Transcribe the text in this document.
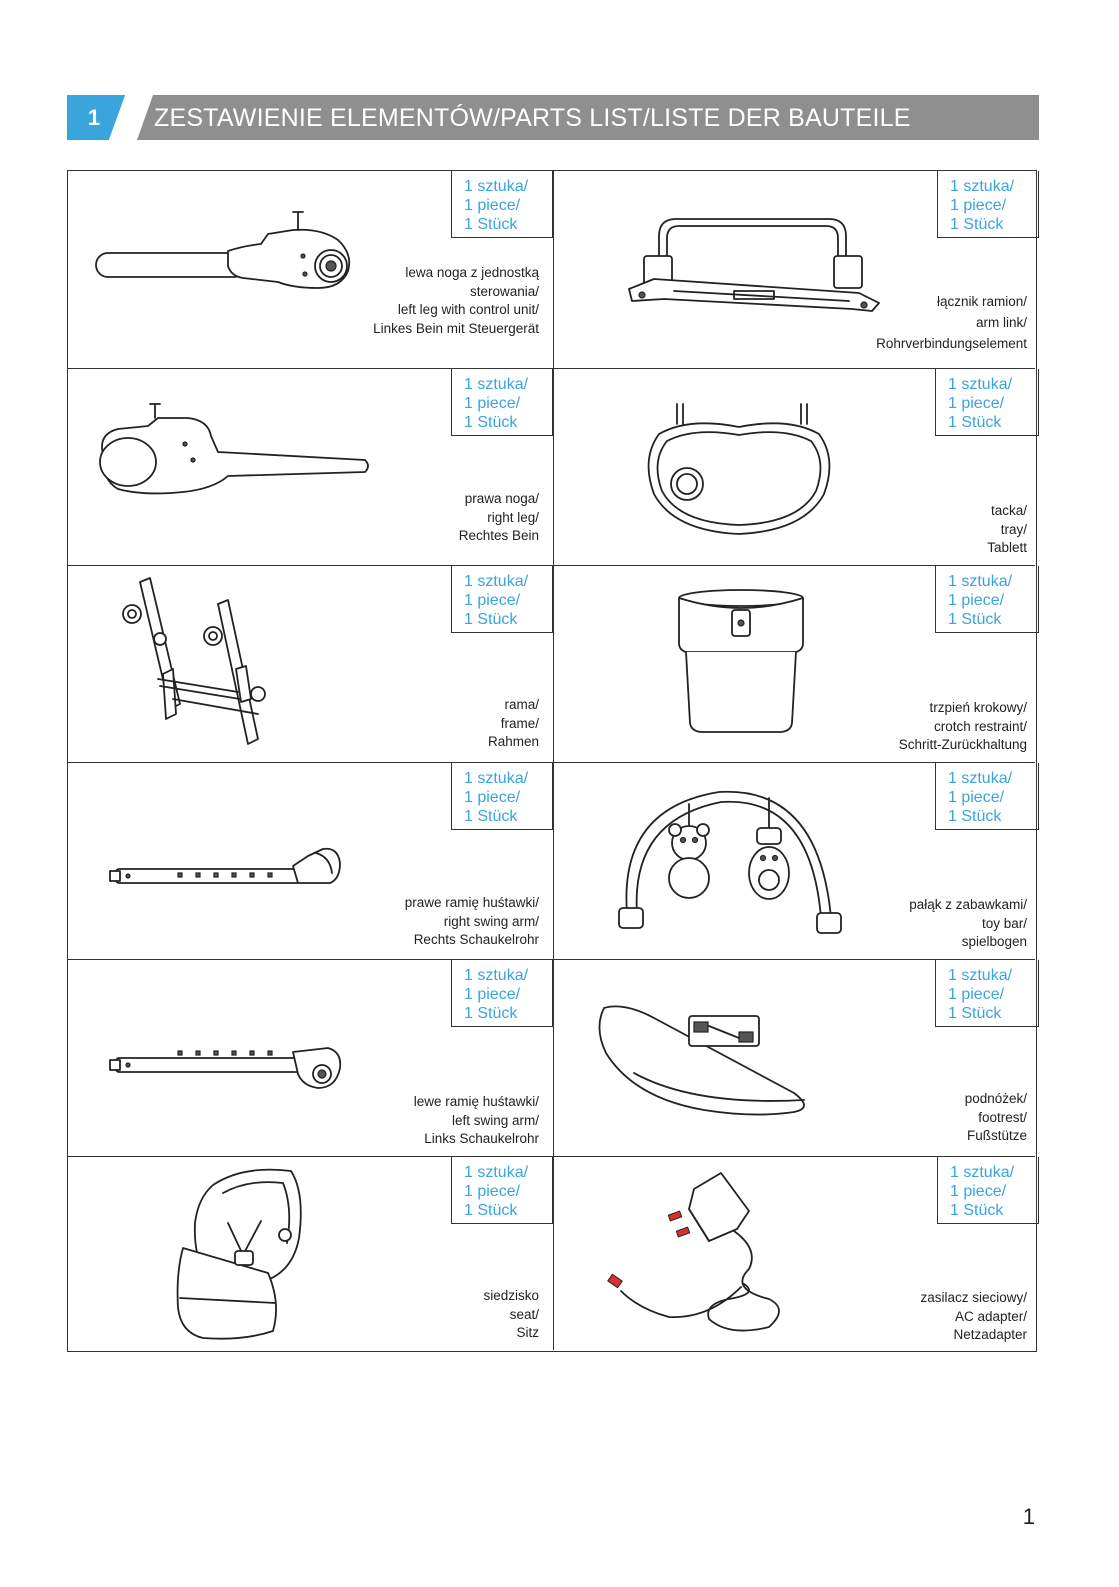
1	ZESTAWIENIE ELEMENTÓW/PARTS LIST/LISTE DER BAUTEILE
1 sztuka/
1 piece/
1 Stück
lewa noga z jednostką
sterowania/
left leg with control unit/
Linkes Bein mit Steuergerät
1 sztuka/
1 piece/
1 Stück
łącznik ramion/
arm link/
Rohrverbindungselement
1 sztuka/
1 piece/
1 Stück
prawa noga/
right leg/
Rechtes Bein
1 sztuka/
1 piece/
1 Stück
tacka/
tray/
Tablett
1 sztuka/
1 piece/
1 Stück
rama/
frame/
Rahmen
1 sztuka/
1 piece/
1 Stück
trzpień krokowy/
crotch restraint/
Schritt-Zurückhaltung
1 sztuka/
1 piece/
1 Stück
prawe ramię huśtawki/
right swing arm/
Rechts Schaukelrohr
1 sztuka/
1 piece/
1 Stück
pałąk z zabawkami/
toy bar/
spielbogen
1 sztuka/
1 piece/
1 Stück
lewe ramię huśtawki/
left swing arm/
Links Schaukelrohr
1 sztuka/
1 piece/
1 Stück
podnóżek/
footrest/
Fußstütze
1 sztuka/
1 piece/
1 Stück
siedzisko
seat/
Sitz
1 sztuka/
1 piece/
1 Stück
zasilacz sieciowy/
AC adapter/
Netzadapter
1
